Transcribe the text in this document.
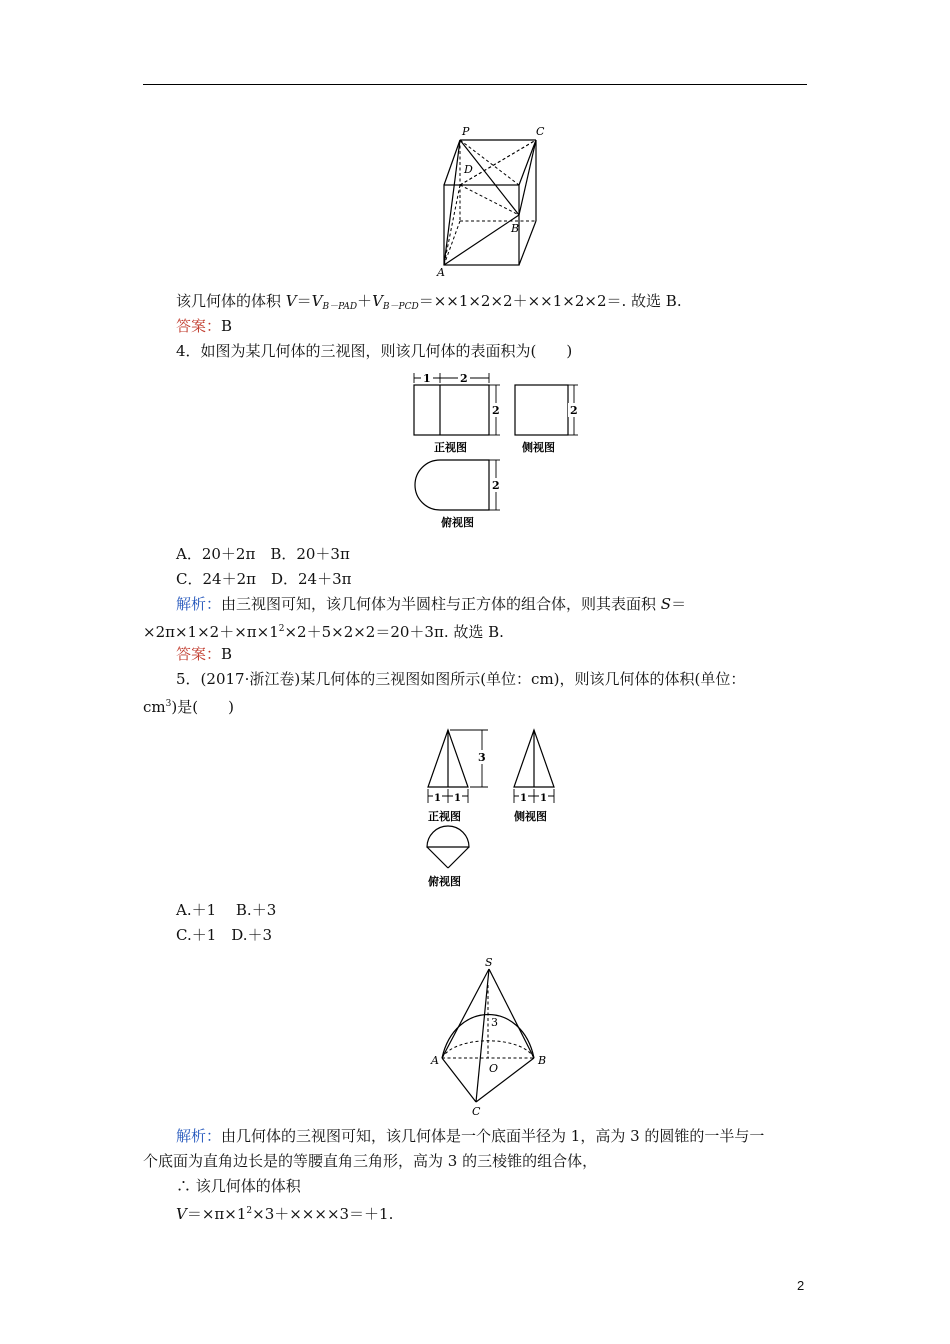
P	C
D
B
A
该几何体的体积 $V=V_{B-PAD}+V_{B-PCD}=\times\times 1\times 2\times 2+\times\times 1\times 2\times 2=$. 故选 B.
答案：B
4．如图为某几何体的三视图，则该几何体的表面积为(　　)
1	2
2	2
2
正视图	侧视图
俯视图
A．20＋2π　B．20＋3π
C．24＋2π　D．24＋3π
解析：由三视图可知，该几何体为半圆柱与正方体的组合体，则其表面积 S＝
$\times 2\pi\times 1\times 2+\times\pi\times 1^2\times 2+5\times 2\times 2=20+3\pi$. 故选 B.
答案：B
5．(2017·浙江卷)某几何体的三视图如图所示(单位：cm)，则该几何体的体积(单位：
$cm^3$)是(　　)
3
1 1	1 1
正视图	侧视图
俯视图
A.＋1　 B.＋3
C.＋1　D.＋3
S
A	B
C
O
3
解析：由几何体的三视图可知，该几何体是一个底面半径为 1，高为 3 的圆锥的一半与一
个底面为直角边长是的等腰直角三角形，高为 3 的三棱锥的组合体，
∴ 该几何体的体积
$V=\times\pi\times 1^2\times 3+\times\times\times\times 3=+1$.
2
